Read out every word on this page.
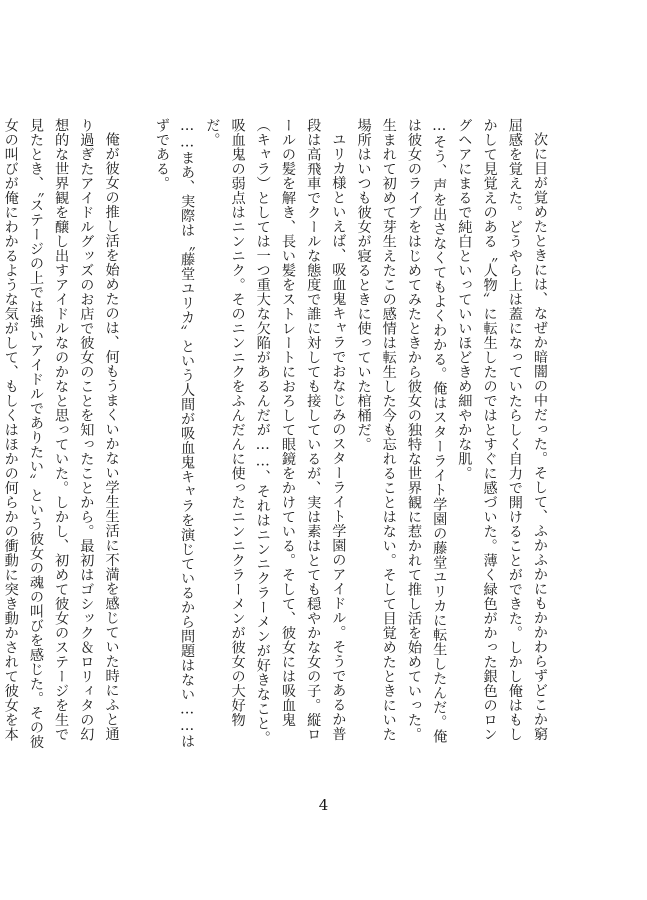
次に目が覚めたときには、なぜか暗闇の中だった。そして、ふかふかにもかかわらずどこか窮屈感を覚えた。どうやら上は蓋になっていたらしく自力で開けることができた。しかし俺はもしかして見覚えのある〝人物〟に転生したのではとすぐに感づいた。薄く緑色がかった銀色のロングヘアにまるで純白といっていいほどきめ細やかな肌。

…そう、声を出さなくてもよくわかる。俺はスターライト学園の藤堂ユリカに転生したんだ。俺は彼女のライブをはじめてみたときから彼女の独特な世界観に惹かれて推し活を始めていった。生まれて初めて芽生えたこの感情は転生した今も忘れることはない。そして目覚めたときにいた場所はいつも彼女が寝るときに使っていた棺桶だ。

ユリカ様といえば、吸血鬼キャラでおなじみのスターライト学園のアイドル。そうであるか普段は高飛車でクールな態度で誰に対しても接しているが、実は素はとても穏やかな女の子。縦ロールの髪を解き、長い髪をストレートにおろして眼鏡をかけている。そして、彼女には吸血鬼（キャラ）としては一つ重大な欠陥があるんだが……、それはニンニクラーメンが好きなこと。吸血鬼の弱点はニンニク。そのニンニクをふんだんに使ったニンニクラーメンが彼女の大好物だ。

……まあ、実際は〝藤堂ユリカ〟という人間が吸血鬼キャラを演じているから問題はない……はずである。

俺が彼女の推し活を始めたのは、何もうまくいかない学生生活に不満を感じていた時にふと通り過ぎたアイドルグッズのお店で彼女のことを知ったことから。最初はゴシック＆ロリィタの幻想的な世界観を醸し出すアイドルなのかなと思っていた。しかし、初めて彼女のステージを生で見たとき、〝ステージの上では強いアイドルでありたい〟という彼女の魂の叫びを感じた。その彼女の叫びが俺にわかるような気がして、もしくはほかの何らかの衝動に突き動かされて彼女を本

4
